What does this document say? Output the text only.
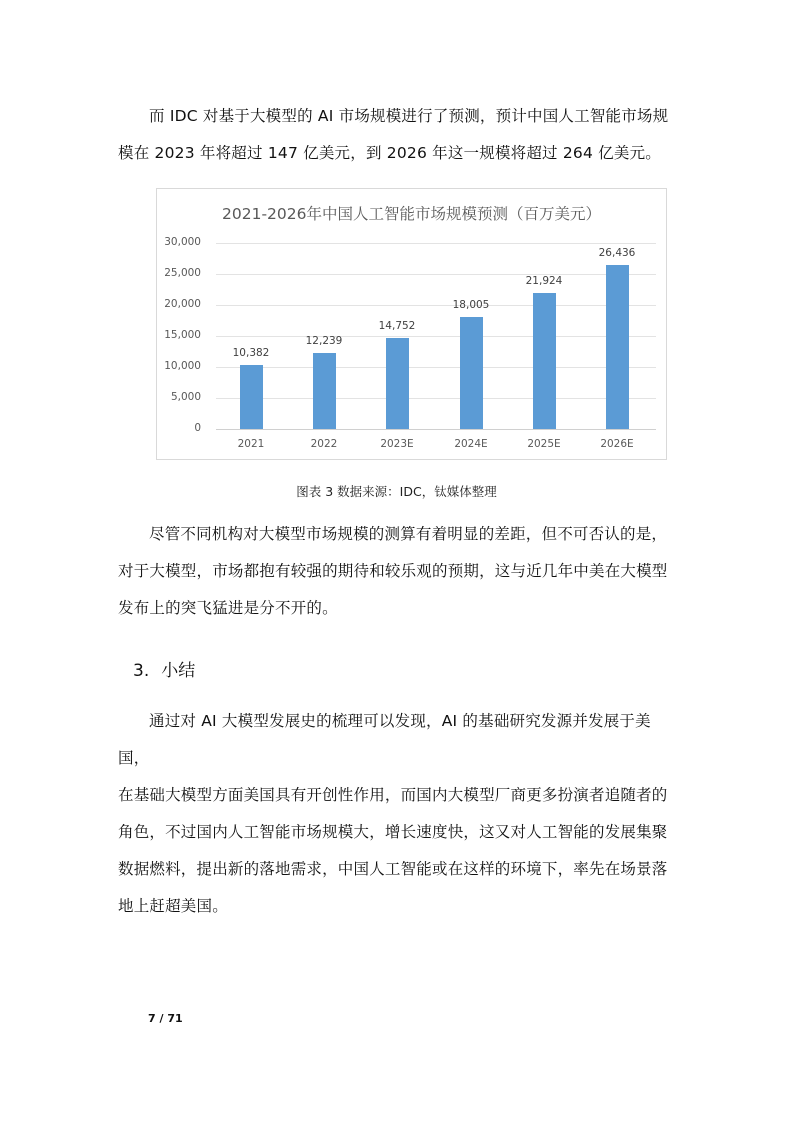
而 IDC 对基于大模型的 AI 市场规模进行了预测，预计中国人工智能市场规

模在 2023 年将超过 147 亿美元，到 2026 年这一规模将超过 264 亿美元。

2021-2026年中国人工智能市场规模预测（百万美元）
30,000
25,000
20,000
15,000
10,000
5,000
0
10,382
2021
12,239
2022
14,752
2023E
18,005
2024E
21,924
2025E
26,436
2026E
图表 3 数据来源：IDC，钛媒体整理

尽管不同机构对大模型市场规模的测算有着明显的差距，但不可否认的是，

对于大模型，市场都抱有较强的期待和较乐观的预期，这与近几年中美在大模型

发布上的突飞猛进是分不开的。

3. 小结

通过对 AI 大模型发展史的梳理可以发现，AI 的基础研究发源并发展于美国，

在基础大模型方面美国具有开创性作用，而国内大模型厂商更多扮演者追随者的

角色，不过国内人工智能市场规模大，增长速度快，这又对人工智能的发展集聚

数据燃料，提出新的落地需求，中国人工智能或在这样的环境下，率先在场景落

地上赶超美国。

7 / 71
